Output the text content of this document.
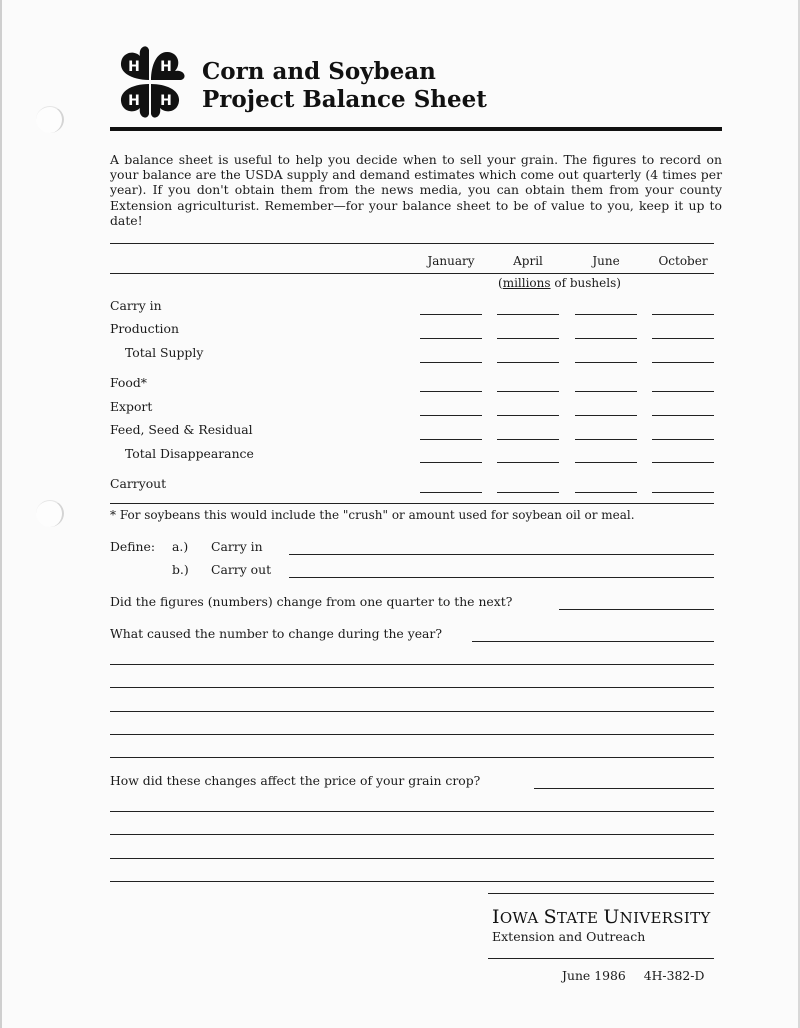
H H
H H
Corn and Soybean
Project Balance Sheet
A balance sheet is useful to help you decide when to sell your grain. The figures to record on your balance are the USDA supply and demand estimates which come out quarterly (4 times per year). If you don't obtain them from the news media, you can obtain them from your county Extension agriculturist. Remember—for your balance sheet to be of value to you, keep it up to date!
January	April	June	October
(millions of bushels)
Carry in
Production
Total Supply
Food*
Export
Feed, Seed & Residual
Total Disappearance
Carryout
* For soybeans this would include the "crush" or amount used for soybean oil or meal.
Define: a.) Carry in
b.) Carry out
Did the figures (numbers) change from one quarter to the next?
What caused the number to change during the year?
How did these changes affect the price of your grain crop?
IOWA STATE UNIVERSITY
Extension and Outreach
June 1986 4H-382-D
